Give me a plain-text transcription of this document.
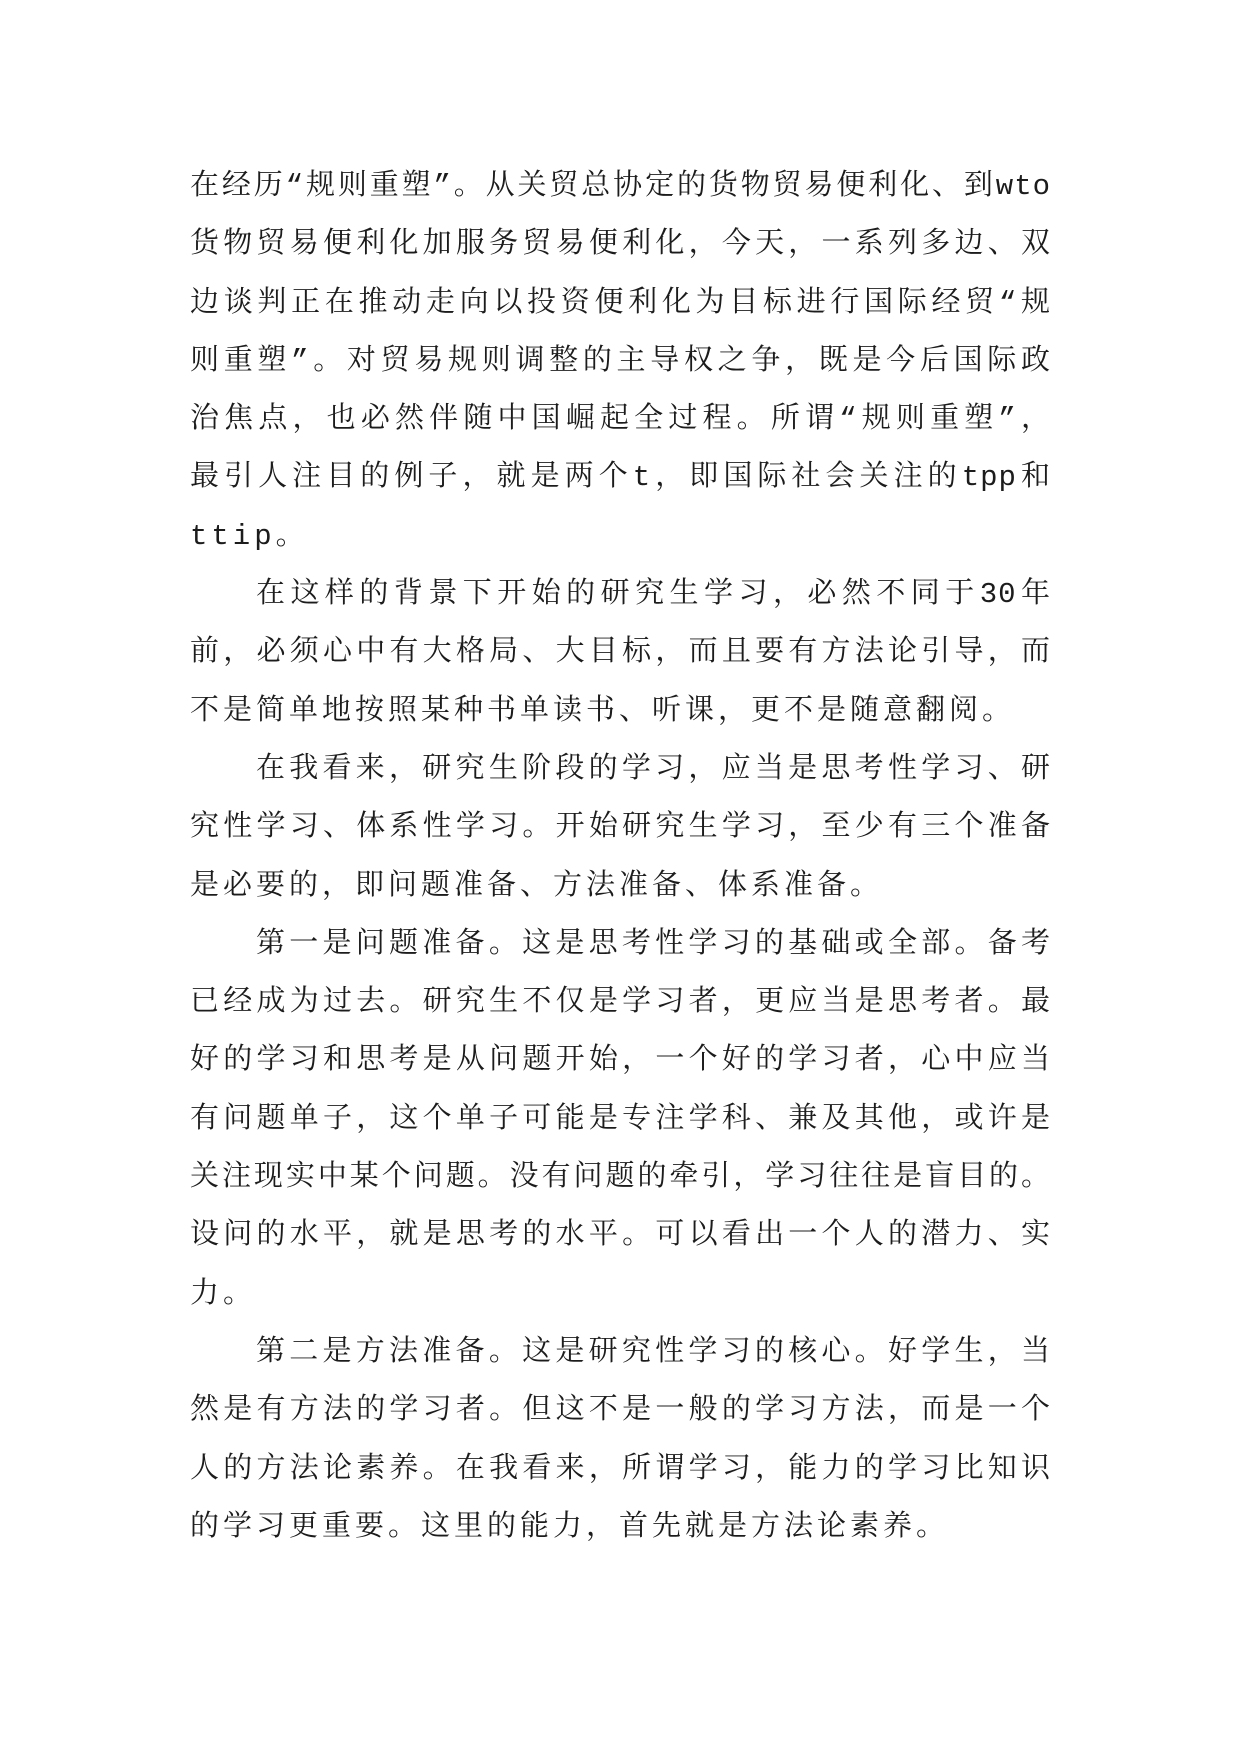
在经历“规则重塑”。从关贸总协定的货物贸易便利化、到wto
货物贸易便利化加服务贸易便利化，今天，一系列多边、双
边谈判正在推动走向以投资便利化为目标进行国际经贸“规
则重塑”。对贸易规则调整的主导权之争，既是今后国际政
治焦点，也必然伴随中国崛起全过程。所谓“规则重塑”，
最引人注目的例子，就是两个t，即国际社会关注的tpp和
ttip。
在这样的背景下开始的研究生学习，必然不同于30年
前，必须心中有大格局、大目标，而且要有方法论引导，而
不是简单地按照某种书单读书、听课，更不是随意翻阅。
在我看来，研究生阶段的学习，应当是思考性学习、研
究性学习、体系性学习。开始研究生学习，至少有三个准备
是必要的，即问题准备、方法准备、体系准备。
第一是问题准备。这是思考性学习的基础或全部。备考
已经成为过去。研究生不仅是学习者，更应当是思考者。最
好的学习和思考是从问题开始，一个好的学习者，心中应当
有问题单子，这个单子可能是专注学科、兼及其他，或许是
关注现实中某个问题。没有问题的牵引，学习往往是盲目的。
设问的水平，就是思考的水平。可以看出一个人的潜力、实
力。
第二是方法准备。这是研究性学习的核心。好学生，当
然是有方法的学习者。但这不是一般的学习方法，而是一个
人的方法论素养。在我看来，所谓学习，能力的学习比知识
的学习更重要。这里的能力，首先就是方法论素养。
